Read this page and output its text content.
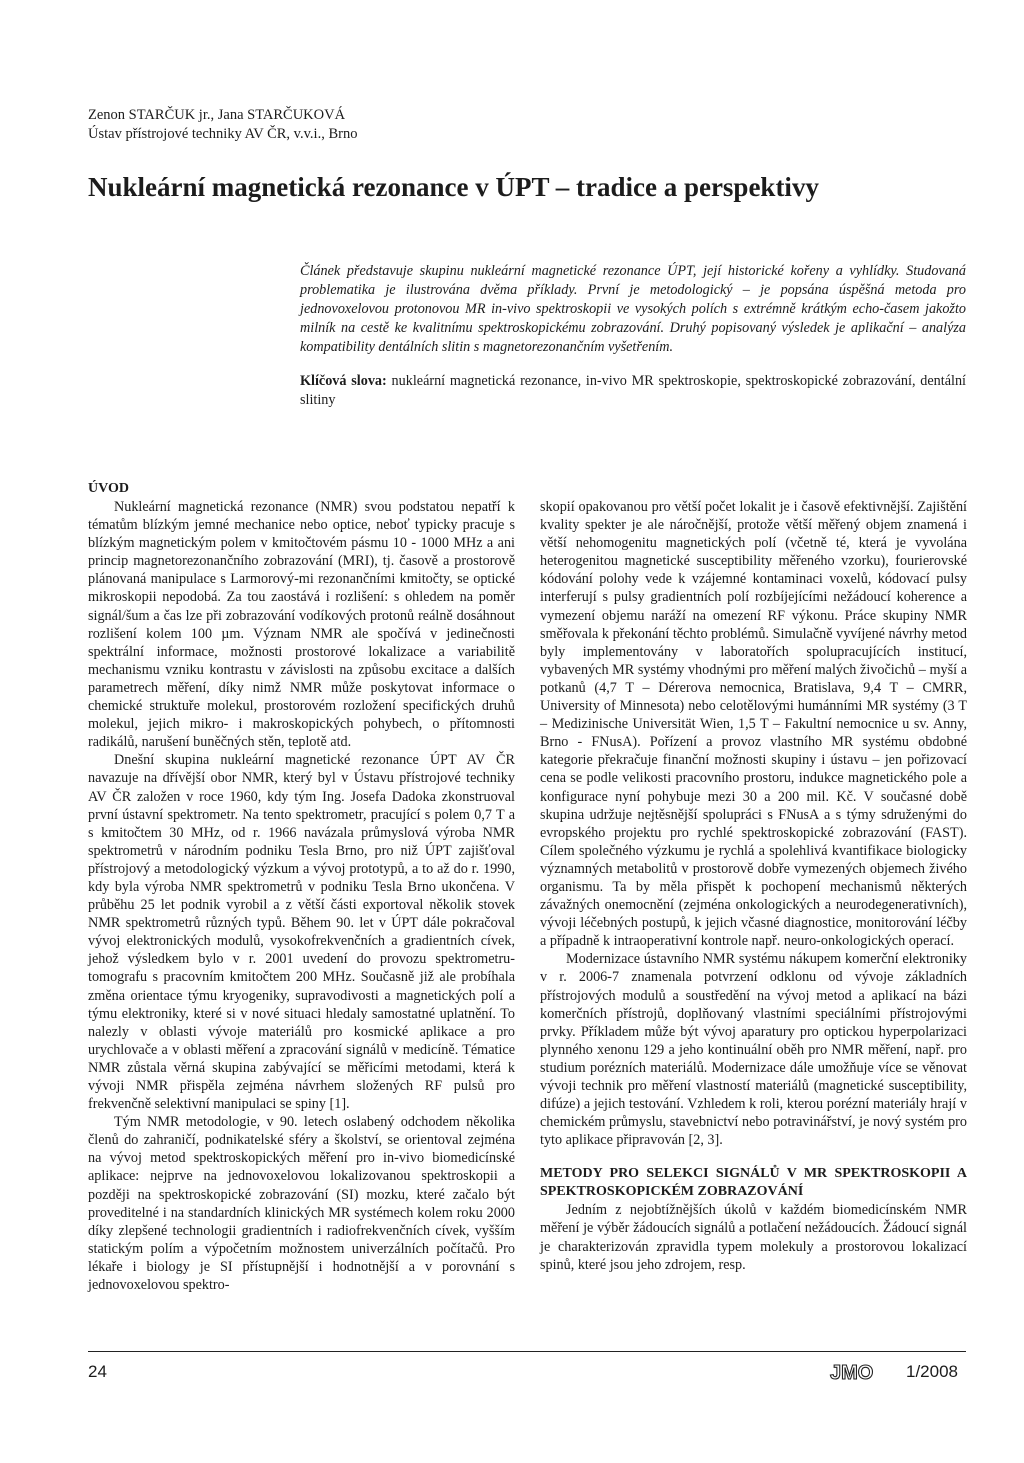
Zenon STARČUK jr., Jana STARČUKOVÁ
Ústav přístrojové techniky AV ČR, v.v.i., Brno
Nukleární magnetická rezonance v ÚPT – tradice a perspektivy

Článek představuje skupinu nukleární magnetické rezonance ÚPT, její historické kořeny a vyhlídky. Studovaná problematika je ilustrována dvěma příklady. První je metodologický – je popsána úspěšná metoda pro jednovoxelovou protonovou MR in-vivo spektroskopii ve vysokých polích s extrémně krátkým echo-časem jakožto milník na cestě ke kvalitnímu spektroskopickému zobrazování. Druhý popisovaný výsledek je aplikační – analýza kompatibility dentálních slitin s magnetorezonančním vyšetřením.

Klíčová slova: nukleární magnetická rezonance, in-vivo MR spektroskopie, spektroskopické zobrazování, dentální slitiny

ÚVOD

Nukleární magnetická rezonance (NMR) svou podstatou nepatří k tématům blízkým jemné mechanice nebo optice, neboť typicky pracuje s blízkým magnetickým polem v kmitočtovém pásmu 10 - 1000 MHz a ani princip magnetorezonančního zobrazování (MRI), tj. časově a prostorově plánovaná manipulace s Larmorový-mi rezonančními kmitočty, se optické mikroskopii nepodobá. Za tou zaostává i rozlišení: s ohledem na poměr signál/šum a čas lze při zobrazování vodíkových protonů reálně dosáhnout rozlišení kolem 100 µm. Význam NMR ale spočívá v jedinečnosti spektrální informace, možnosti prostorové lokalizace a variabilitě mechanismu vzniku kontrastu v závislosti na způsobu excitace a dalších parametrech měření, díky nimž NMR může poskytovat informace o chemické struktuře molekul, prostorovém rozložení specifických druhů molekul, jejich mikro- i makroskopických pohybech, o přítomnosti radikálů, narušení buněčných stěn, teplotě atd.

Dnešní skupina nukleární magnetické rezonance ÚPT AV ČR navazuje na dřívější obor NMR, který byl v Ústavu přístrojové techniky AV ČR založen v roce 1960, kdy tým Ing. Josefa Dadoka zkonstruoval první ústavní spektrometr. Na tento spektrometr, pracující s polem 0,7 T a s kmitočtem 30 MHz, od r. 1966 navázala průmyslová výroba NMR spektrometrů v národním podniku Tesla Brno, pro niž ÚPT zajišťoval přístrojový a metodologický výzkum a vývoj prototypů, a to až do r. 1990, kdy byla výroba NMR spektrometrů v podniku Tesla Brno ukončena. V průběhu 25 let podnik vyrobil a z větší části exportoval několik stovek NMR spektrometrů různých typů. Během 90. let v ÚPT dále pokračoval vývoj elektronických modulů, vysokofrekvenčních a gradientních cívek, jehož výsledkem bylo v r. 2001 uvedení do provozu spektrometru-tomografu s pracovním kmitočtem 200 MHz. Současně již ale probíhala změna orientace týmu kryogeniky, supravodivosti a magnetických polí a týmu elektroniky, které si v nové situaci hledaly samostatné uplatnění. To nalezly v oblasti vývoje materiálů pro kosmické aplikace a pro urychlovače a v oblasti měření a zpracování signálů v medicíně. Tématice NMR zůstala věrná skupina zabývající se měřicími metodami, která k vývoji NMR přispěla zejména návrhem složených RF pulsů pro frekvenčně selektivní manipulaci se spiny [1].

Tým NMR metodologie, v 90. letech oslabený odchodem několika členů do zahraničí, podnikatelské sféry a školství, se orientoval zejména na vývoj metod spektroskopických měření pro in-vivo biomedicínské aplikace: nejprve na jednovoxelovou lokalizovanou spektroskopii a později na spektroskopické zobrazování (SI) mozku, které začalo být proveditelné i na standardních klinických MR systémech kolem roku 2000 díky zlepšené technologii gradientních i radiofrekvenčních cívek, vyšším statickým polím a výpočetním možnostem univerzálních počítačů. Pro lékaře i biology je SI přístupnější i hodnotnější a v porovnání s jednovoxelovou spektro-

skopií opakovanou pro větší počet lokalit je i časově efektivnější. Zajištění kvality spekter je ale náročnější, protože větší měřený objem znamená i větší nehomogenitu magnetických polí (včetně té, která je vyvolána heterogenitou magnetické susceptibility měřeného vzorku), fourierovské kódování polohy vede k vzájemné kontaminaci voxelů, kódovací pulsy interferují s pulsy gradientních polí rozbíjejícími nežádoucí koherence a vymezení objemu naráží na omezení RF výkonu. Práce skupiny NMR směřovala k překonání těchto problémů. Simulačně vyvíjené návrhy metod byly implementovány v laboratořích spolupracujících institucí, vybavených MR systémy vhodnými pro měření malých živočichů – myší a potkanů (4,7 T – Dérerova nemocnica, Bratislava, 9,4 T – CMRR, University of Minnesota) nebo celotělovými humánními MR systémy (3 T – Medizinische Universität Wien, 1,5 T – Fakultní nemocnice u sv. Anny, Brno - FNusA). Pořízení a provoz vlastního MR systému obdobné kategorie překračuje finanční možnosti skupiny i ústavu – jen pořizovací cena se podle velikosti pracovního prostoru, indukce magnetického pole a konfigurace nyní pohybuje mezi 30 a 200 mil. Kč. V současné době skupina udržuje nejtěsnější spolupráci s FNusA a s týmy sdruženými do evropského projektu pro rychlé spektroskopické zobrazování (FAST). Cílem společného výzkumu je rychlá a spolehlivá kvantifikace biologicky významných metabolitů v prostorově dobře vymezených objemech živého organismu. Ta by měla přispět k pochopení mechanismů některých závažných onemocnění (zejména onkologických a neurodegenerativních), vývoji léčebných postupů, k jejich včasné diagnostice, monitorování léčby a případně k intraoperativní kontrole např. neuro-onkologických operací.

Modernizace ústavního NMR systému nákupem komerční elektroniky v r. 2006-7 znamenala potvrzení odklonu od vývoje základních přístrojových modulů a soustředění na vývoj metod a aplikací na bázi komerčních přístrojů, doplňovaný vlastními speciálními přístrojovými prvky. Příkladem může být vývoj aparatury pro optickou hyperpolarizaci plynného xenonu 129 a jeho kontinuální oběh pro NMR měření, např. pro studium porézních materiálů. Modernizace dále umožňuje více se věnovat vývoji technik pro měření vlastností materiálů (magnetické susceptibility, difúze) a jejich testování. Vzhledem k roli, kterou porézní materiály hrají v chemickém průmyslu, stavebnictví nebo potravinářství, je nový systém pro tyto aplikace připravován [2, 3].

METODY PRO SELEKCI SIGNÁLŮ V MR SPEKTROSKOPII A SPEKTROSKOPICKÉM ZOBRAZOVÁNÍ

Jedním z nejobtížnějších úkolů v každém biomedicínském NMR měření je výběr žádoucích signálů a potlačení nežádoucích. Žádoucí signál je charakterizován zpravidla typem molekuly a prostorovou lokalizací spinů, které jsou jeho zdrojem, resp.

24	JMO 1/2008
